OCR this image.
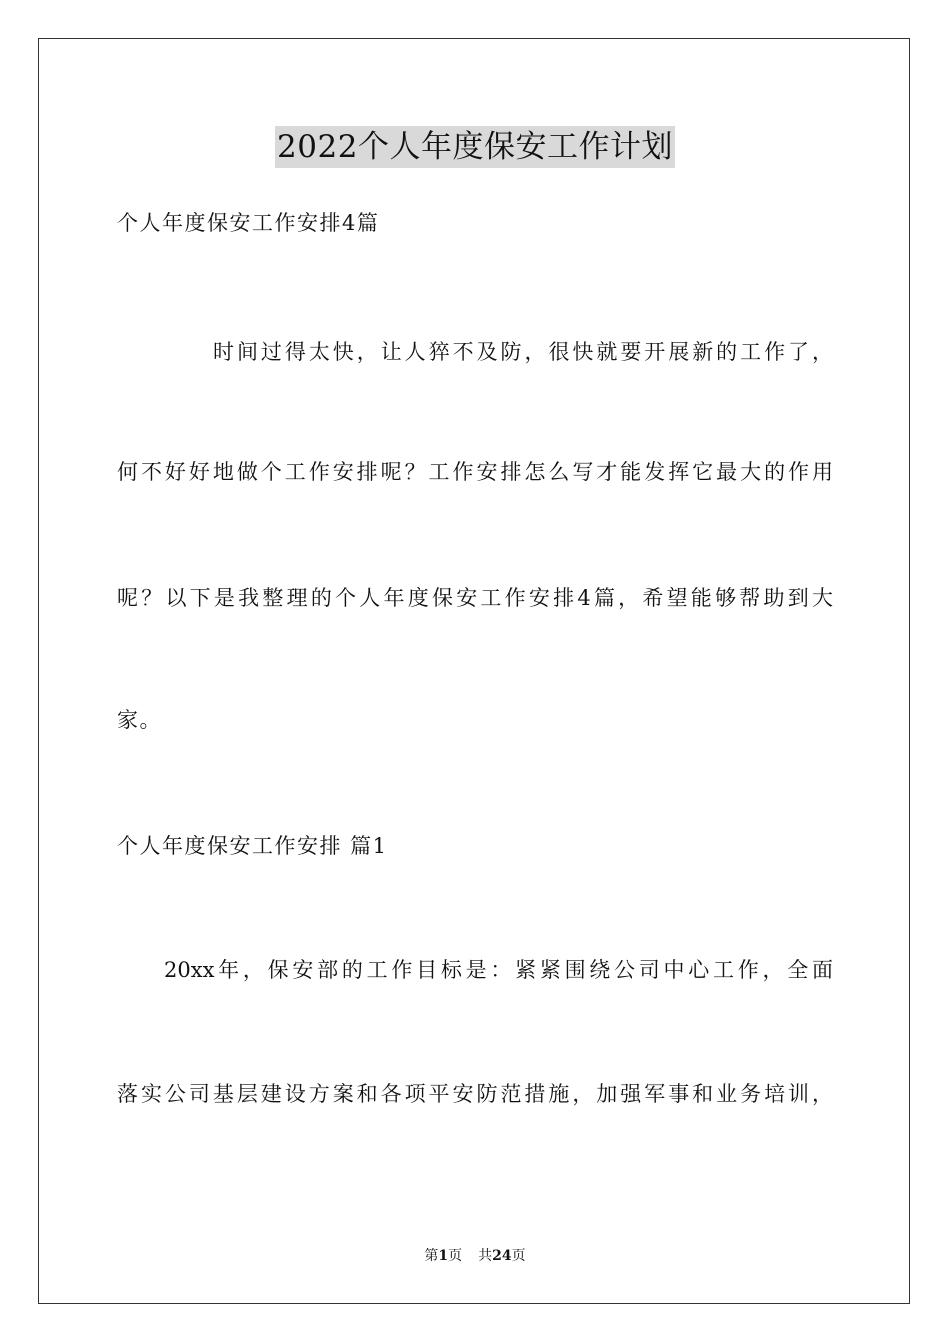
2022个人年度保安工作计划
个人年度保安工作安排4篇
时间过得太快，让人猝不及防，很快就要开展新的工作了，
何不好好地做个工作安排呢？工作安排怎么写才能发挥它最大的作用
呢？以下是我整理的个人年度保安工作安排4篇，希望能够帮助到大
家。
个人年度保安工作安排 篇1
20xx年，保安部的工作目标是：紧紧围绕公司中心工作，全面
落实公司基层建设方案和各项平安防范措施，加强军事和业务培训，
第1页 共24页
